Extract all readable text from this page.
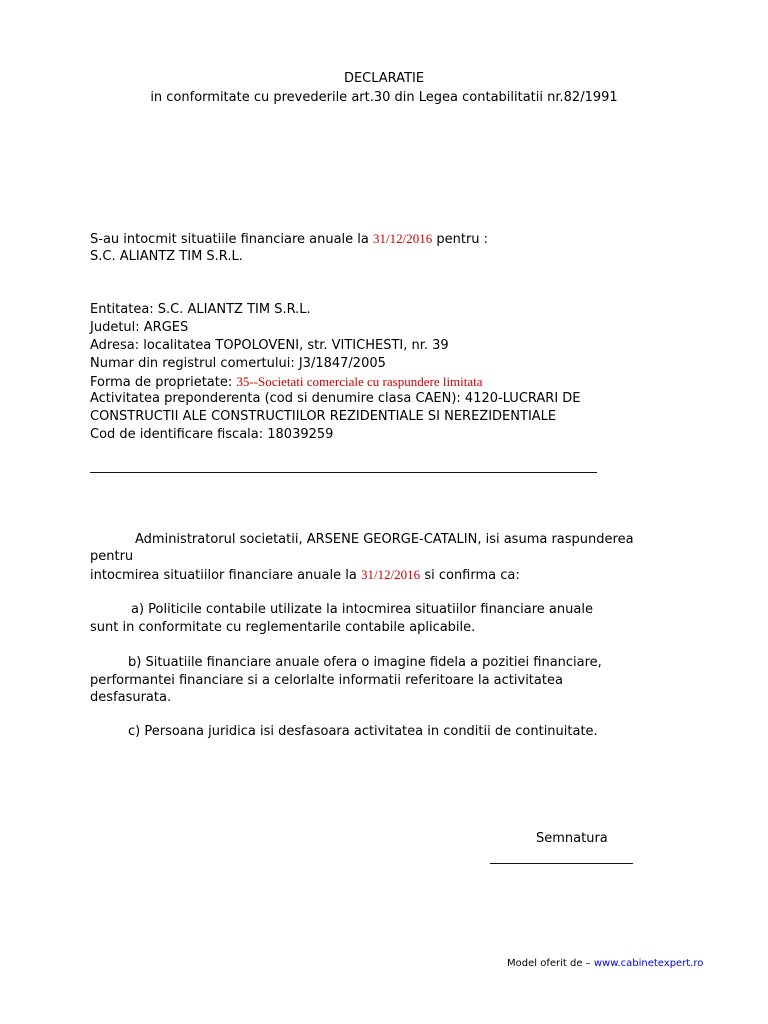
DECLARATIE
in conformitate cu prevederile art.30 din Legea contabilitatii nr.82/1991
S-au intocmit situatiile financiare anuale la 31/12/2016 pentru :
S.C. ALIANTZ TIM S.R.L.
Entitatea: S.C. ALIANTZ TIM S.R.L.
Judetul: ARGES
Adresa: localitatea TOPOLOVENI, str. VITICHESTI, nr. 39
Numar din registrul comertului: J3/1847/2005
Forma de proprietate: 35--Societati comerciale cu raspundere limitata
Activitatea preponderenta (cod si denumire clasa CAEN): 4120-LUCRARI DE
CONSTRUCTII ALE CONSTRUCTIILOR REZIDENTIALE SI NEREZIDENTIALE
Cod de identificare fiscala: 18039259
______________________________________________________________________________
Administratorul societatii, ARSENE GEORGE-CATALIN, isi asuma raspunderea
pentru
intocmirea situatiilor financiare anuale la 31/12/2016 si confirma ca:
a) Politicile contabile utilizate la intocmirea situatiilor financiare anuale
sunt in conformitate cu reglementarile contabile aplicabile.
b) Situatiile financiare anuale ofera o imagine fidela a pozitiei financiare,
performantei financiare si a celorlalte informatii referitoare la activitatea
desfasurata.
c) Persoana juridica isi desfasoara activitatea in conditii de continuitate.
Semnatura
______________________
Model oferit de – www.cabinetexpert.ro
